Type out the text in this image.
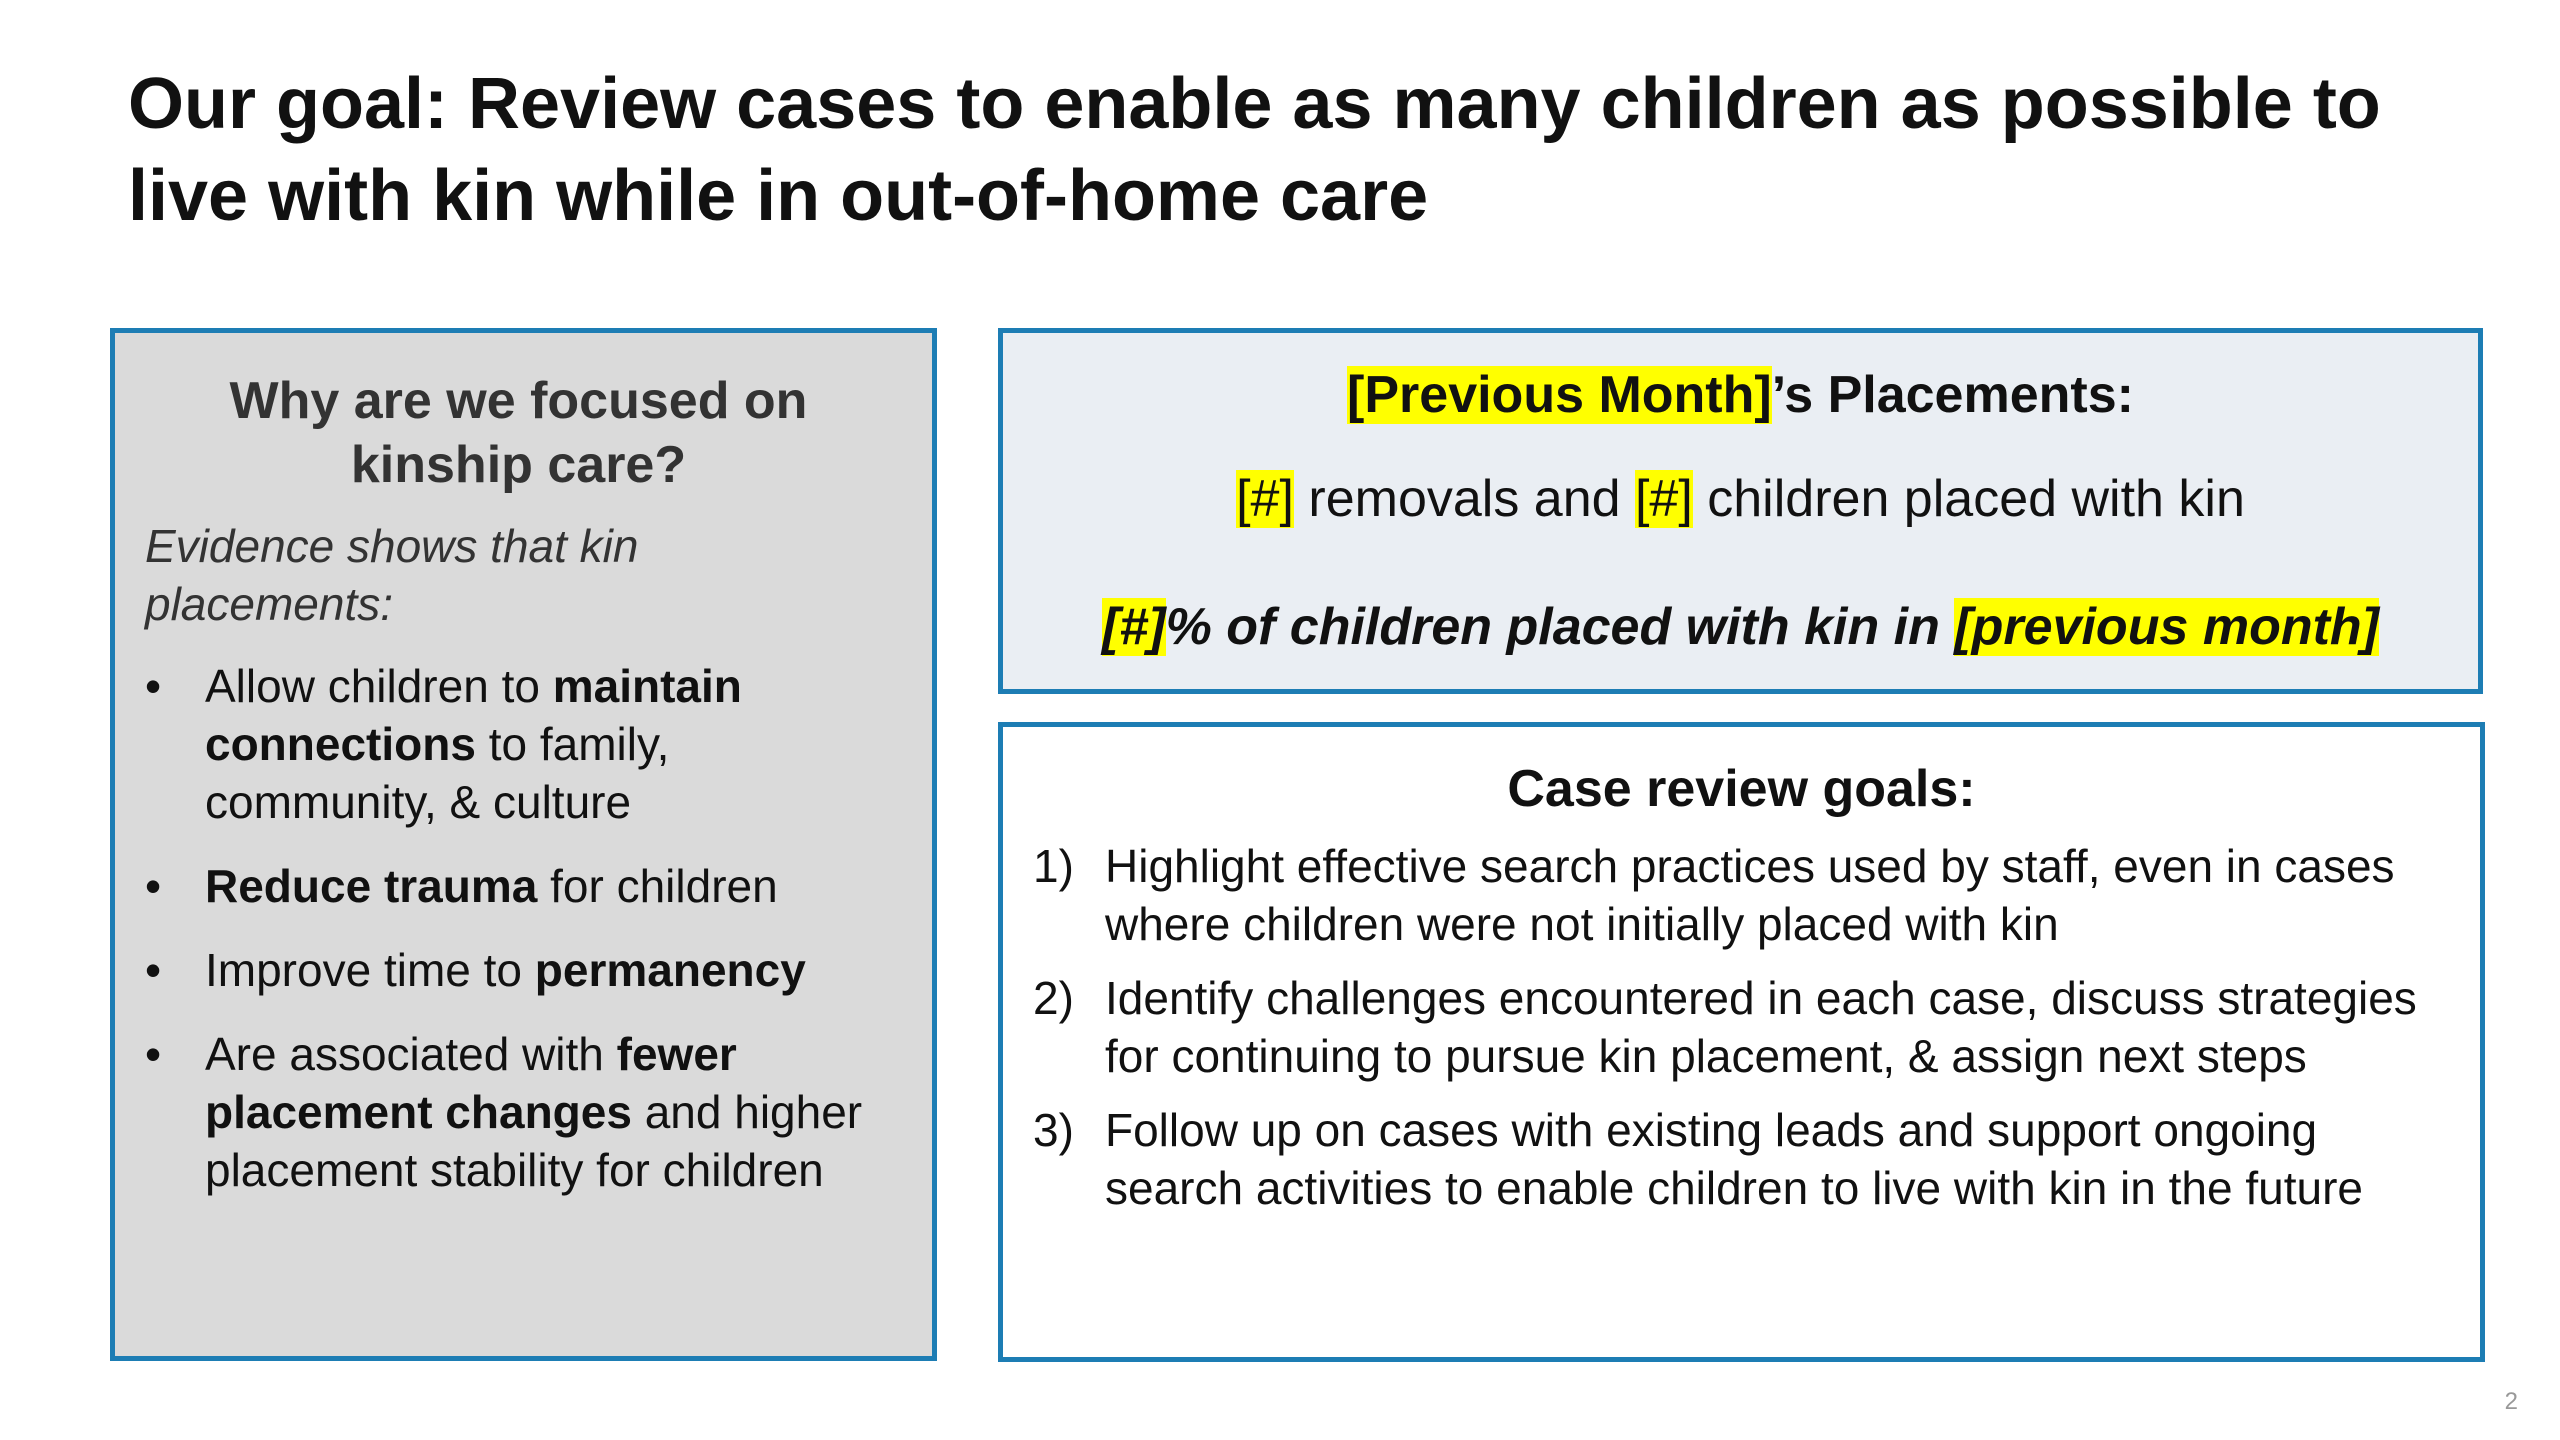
Our goal: Review cases to enable as many children as possible to live with kin while in out-of-home care
Why are we focused on kinship care?
Evidence shows that kin placements:
• Allow children to maintain connections to family, community, & culture
• Reduce trauma for children
• Improve time to permanency
• Are associated with fewer placement changes and higher placement stability for children
[Previous Month]’s Placements:
[#] removals and [#] children placed with kin
[#]% of children placed with kin in [previous month]
Case review goals:
1) Highlight effective search practices used by staff, even in cases where children were not initially placed with kin
2) Identify challenges encountered in each case, discuss strategies for continuing to pursue kin placement, & assign next steps
3) Follow up on cases with existing leads and support ongoing search activities to enable children to live with kin in the future
2
